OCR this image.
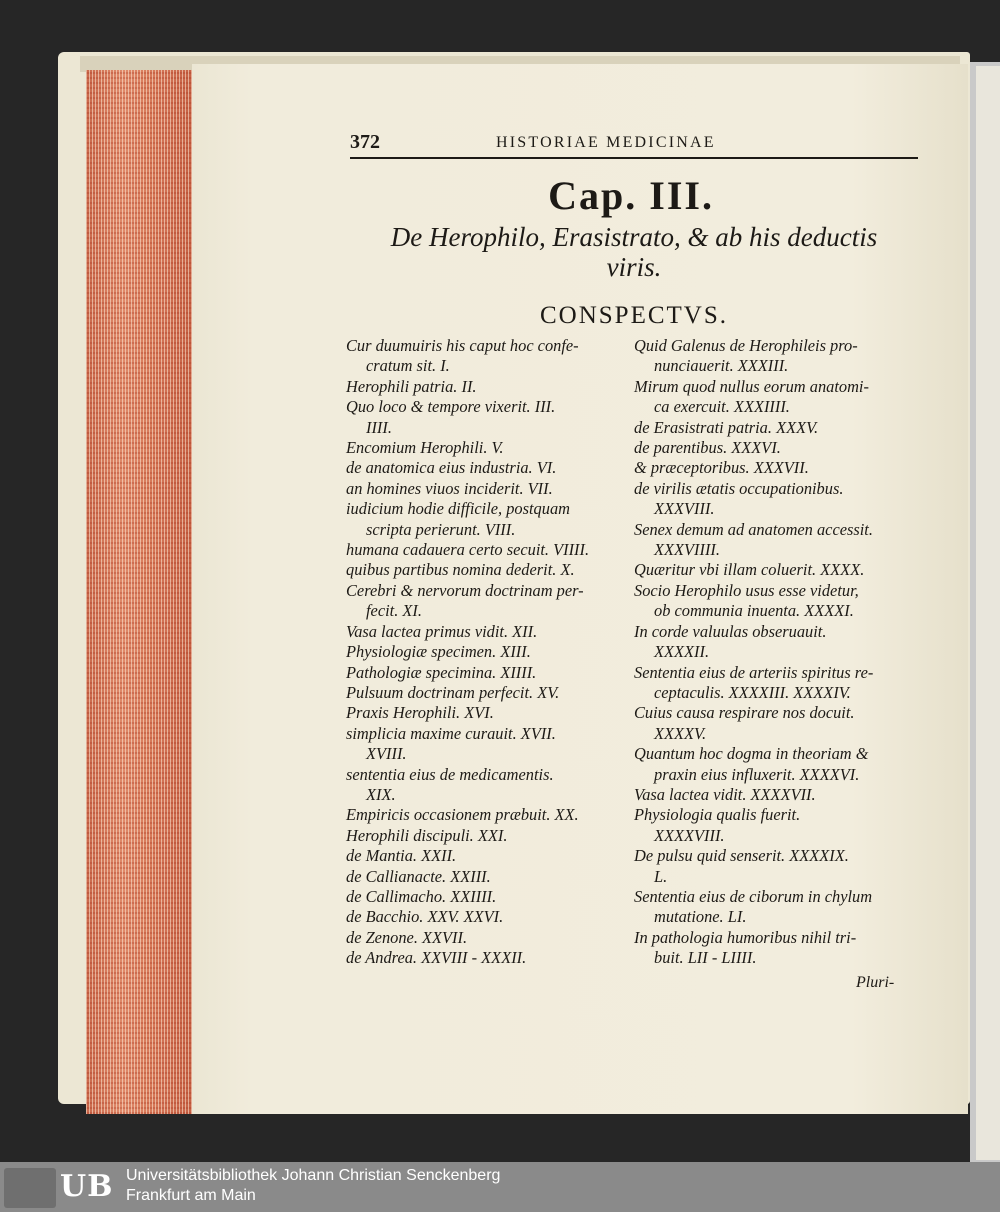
372	HISTORIAE MEDICINAE
Cap. III.
De Herophilo, Erasistrato, & ab his deductis
viris.
CONSPECTVS.
Cur duumuiris his caput hoc confe-
cratum sit. I.
Herophili patria. II.
Quo loco & tempore vixerit. III.
IIII.
Encomium Herophili. V.
de anatomica eius industria. VI.
an homines viuos inciderit. VII.
iudicium hodie difficile, postquam
scripta perierunt. VIII.
humana cadauera certo secuit. VIIII.
quibus partibus nomina dederit. X.
Cerebri & nervorum doctrinam per-
fecit. XI.
Vasa lactea primus vidit. XII.
Physiologiæ specimen. XIII.
Pathologiæ specimina. XIIII.
Pulsuum doctrinam perfecit. XV.
Praxis Herophili. XVI.
simplicia maxime curauit. XVII.
XVIII.
sententia eius de medicamentis.
XIX.
Empiricis occasionem præbuit. XX.
Herophili discipuli. XXI.
de Mantia. XXII.
de Callianacte. XXIII.
de Callimacho. XXIIII.
de Bacchio. XXV. XXVI.
de Zenone. XXVII.
de Andrea. XXVIII - XXXII.
Quid Galenus de Herophileis pro-
nunciauerit. XXXIII.
Mirum quod nullus eorum anatomi-
ca exercuit. XXXIIII.
de Erasistrati patria. XXXV.
de parentibus. XXXVI.
& præceptoribus. XXXVII.
de virilis ætatis occupationibus.
XXXVIII.
Senex demum ad anatomen accessit.
XXXVIIII.
Quæritur vbi illam coluerit. XXXX.
Socio Herophilo usus esse videtur,
ob communia inuenta. XXXXI.
In corde valuulas obseruauit.
XXXXII.
Sententia eius de arteriis spiritus re-
ceptaculis. XXXXIII. XXXXIV.
Cuius causa respirare nos docuit.
XXXXV.
Quantum hoc dogma in theoriam &
praxin eius influxerit. XXXXVI.
Vasa lactea vidit. XXXXVII.
Physiologia qualis fuerit.
XXXXVIII.
De pulsu quid senserit. XXXXIX.
L.
Sententia eius de ciborum in chylum
mutatione. LI.
In pathologia humoribus nihil tri-
buit. LII - LIIII.
Pluri-
UB Universitätsbibliothek Johann Christian Senckenberg
Frankfurt am Main
